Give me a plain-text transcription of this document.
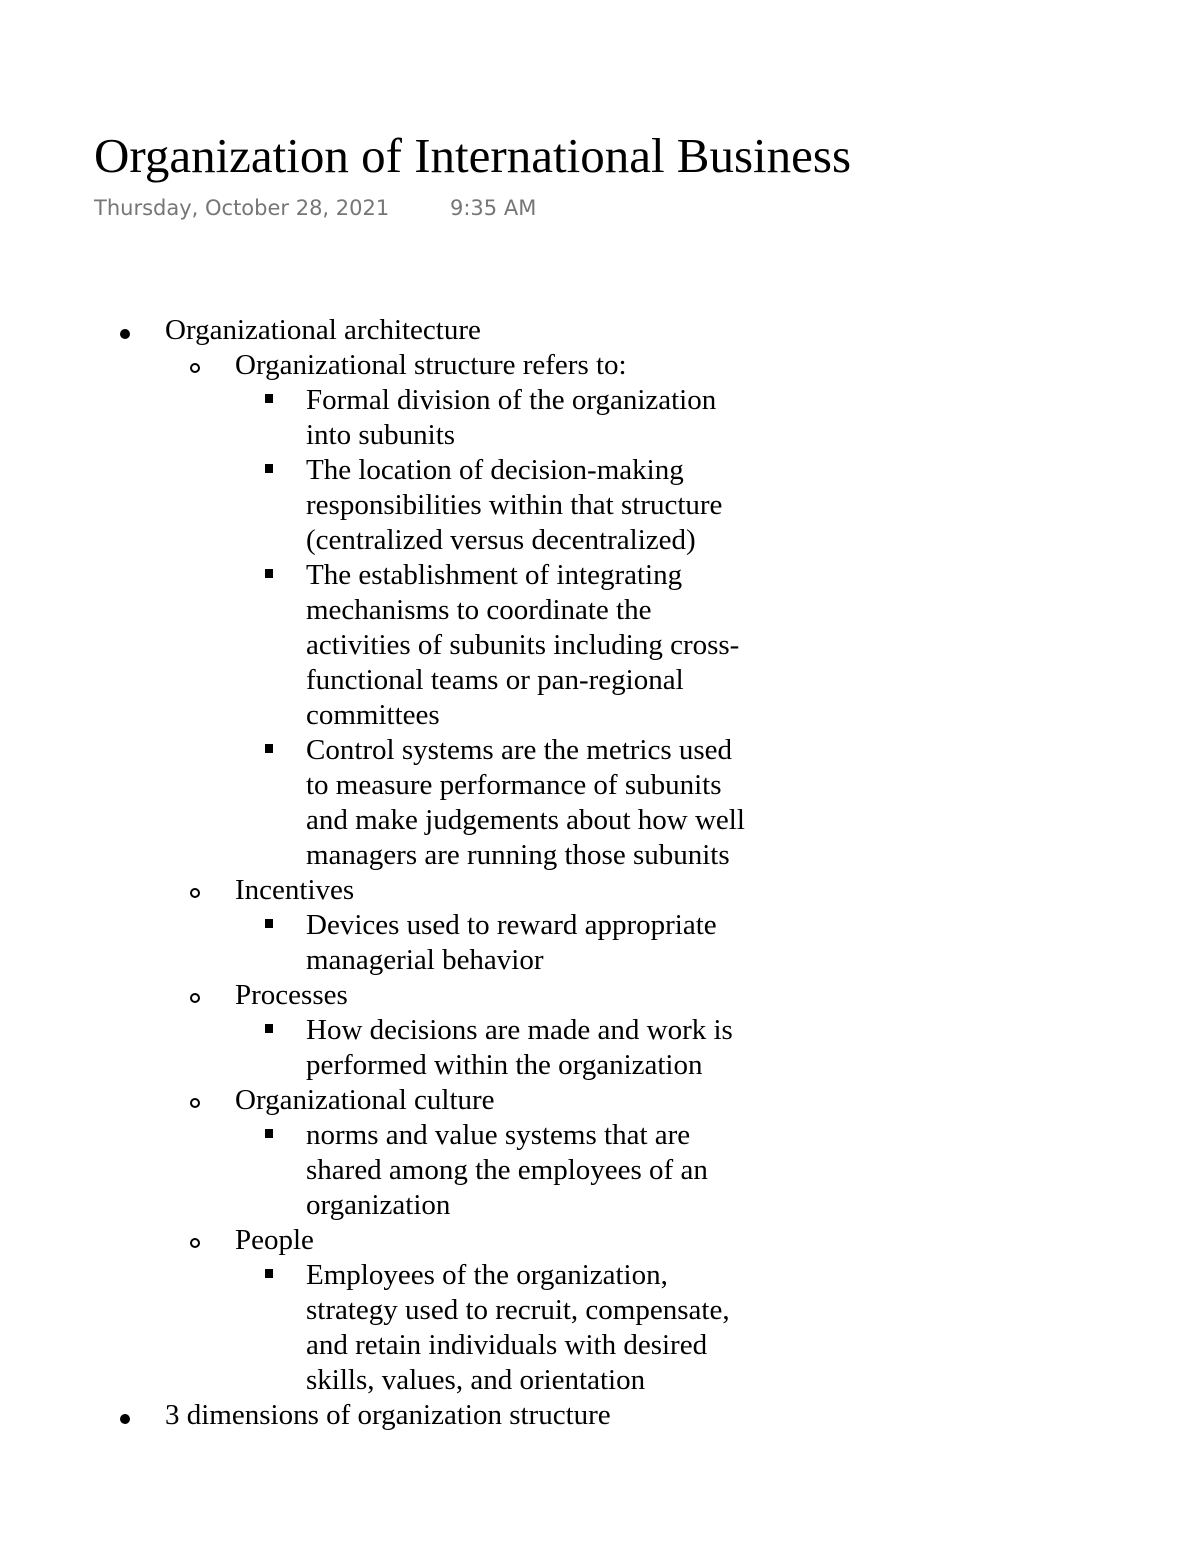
Organization of International Business
Thursday, October 28, 2021	9:35 AM
Organizational architecture
Organizational structure refers to:
Formal division of the organization
into subunits
The location of decision-making
responsibilities within that structure
(centralized versus decentralized)
The establishment of integrating
mechanisms to coordinate the
activities of subunits including cross-
functional teams or pan-regional
committees
Control systems are the metrics used
to measure performance of subunits
and make judgements about how well
managers are running those subunits
Incentives
Devices used to reward appropriate
managerial behavior
Processes
How decisions are made and work is
performed within the organization
Organizational culture
norms and value systems that are
shared among the employees of an
organization
People
Employees of the organization,
strategy used to recruit, compensate,
and retain individuals with desired
skills, values, and orientation
3 dimensions of organization structure
